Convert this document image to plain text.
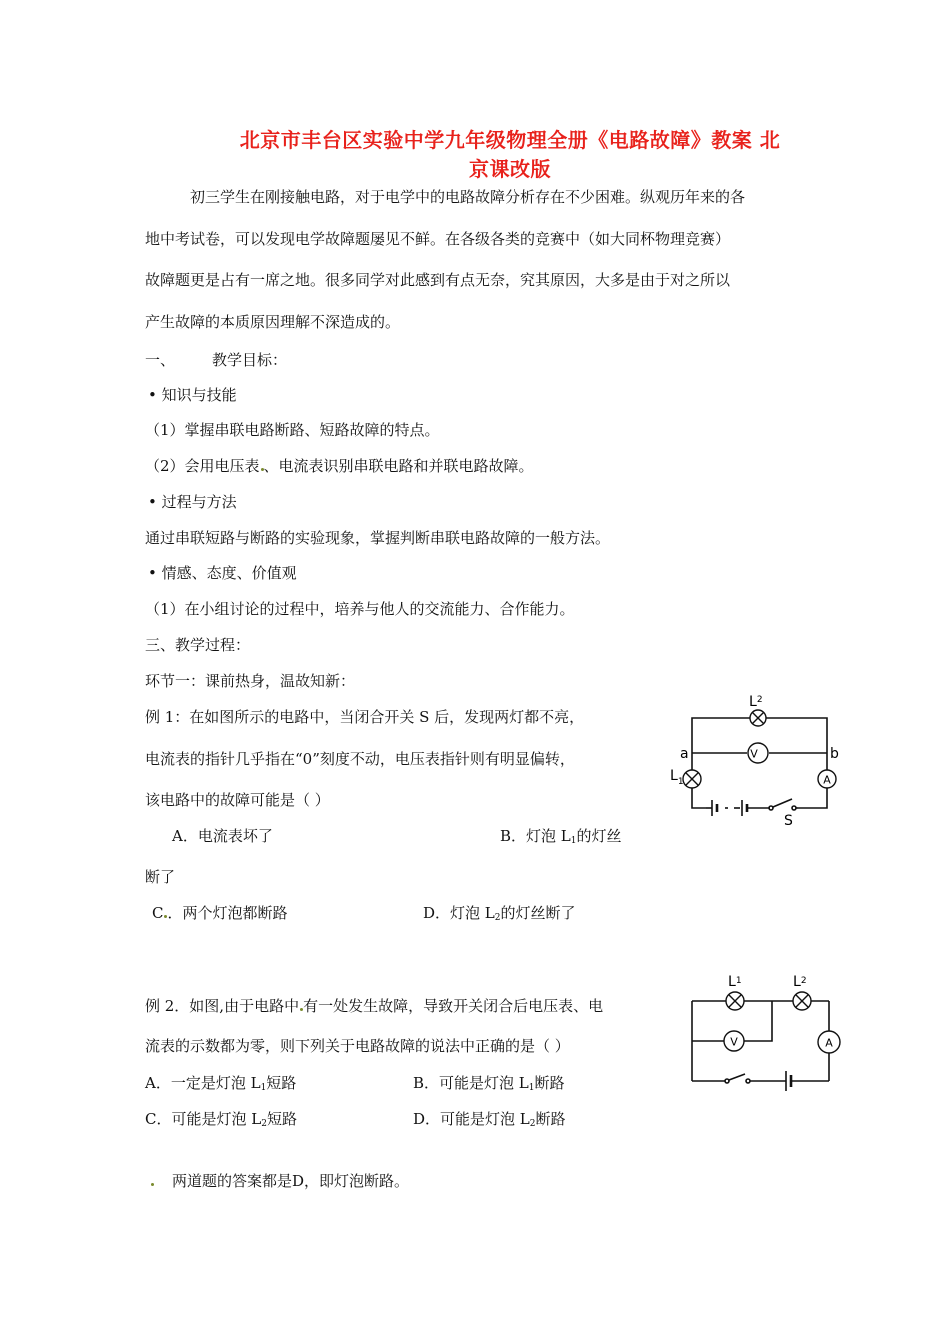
北京市丰台区实验中学九年级物理全册《电路故障》教案 北
京课改版
初三学生在刚接触电路，对于电学中的电路故障分析存在不少困难。纵观历年来的各
地中考试卷，可以发现电学故障题屡见不鲜。在各级各类的竞赛中（如大同杯物理竞赛）
故障题更是占有一席之地。很多同学对此感到有点无奈，究其原因，大多是由于对之所以
产生故障的本质原因理解不深造成的。
一、 教学目标：
• 知识与技能
（1）掌握串联电路断路、短路故障的特点。
（2）会用电压表 、电流表识别串联电路和并联电路故障。
• 过程与方法
通过串联短路与断路的实验现象，掌握判断串联电路故障的一般方法。
• 情感、态度、价值观
（1）在小组讨论的过程中，培养与他人的交流能力、合作能力。
三、教学过程：
环节一：课前热身，温故知新：
例 1：在如图所示的电路中，当闭合开关 S 后，发现两灯都不亮，
电流表的指针几乎指在“0”刻度不动，电压表指针则有明显偏转，
该电路中的故障可能是（ ）
A．电流表坏了	B．灯泡 $L_1$的灯丝
断了
C ．两个灯泡都断路	D．灯泡 $L_2$的灯丝断了
V
A
$L^2$
$L_1$
a	b
S
例 2．如图,由于电路中 有一处发生故障，导致开关闭合后电压表、电
流表的示数都为零，则下列关于电路故障的说法中正确的是（ ）
A．一定是灯泡 $L_1$短路	B．可能是灯泡 $L_1$断路
C．可能是灯泡 $L_2$短路	D．可能是灯泡 $L_2$断路
V	A
$L^1$	$L^2$
两道题的答案都是D，即灯泡断路。
